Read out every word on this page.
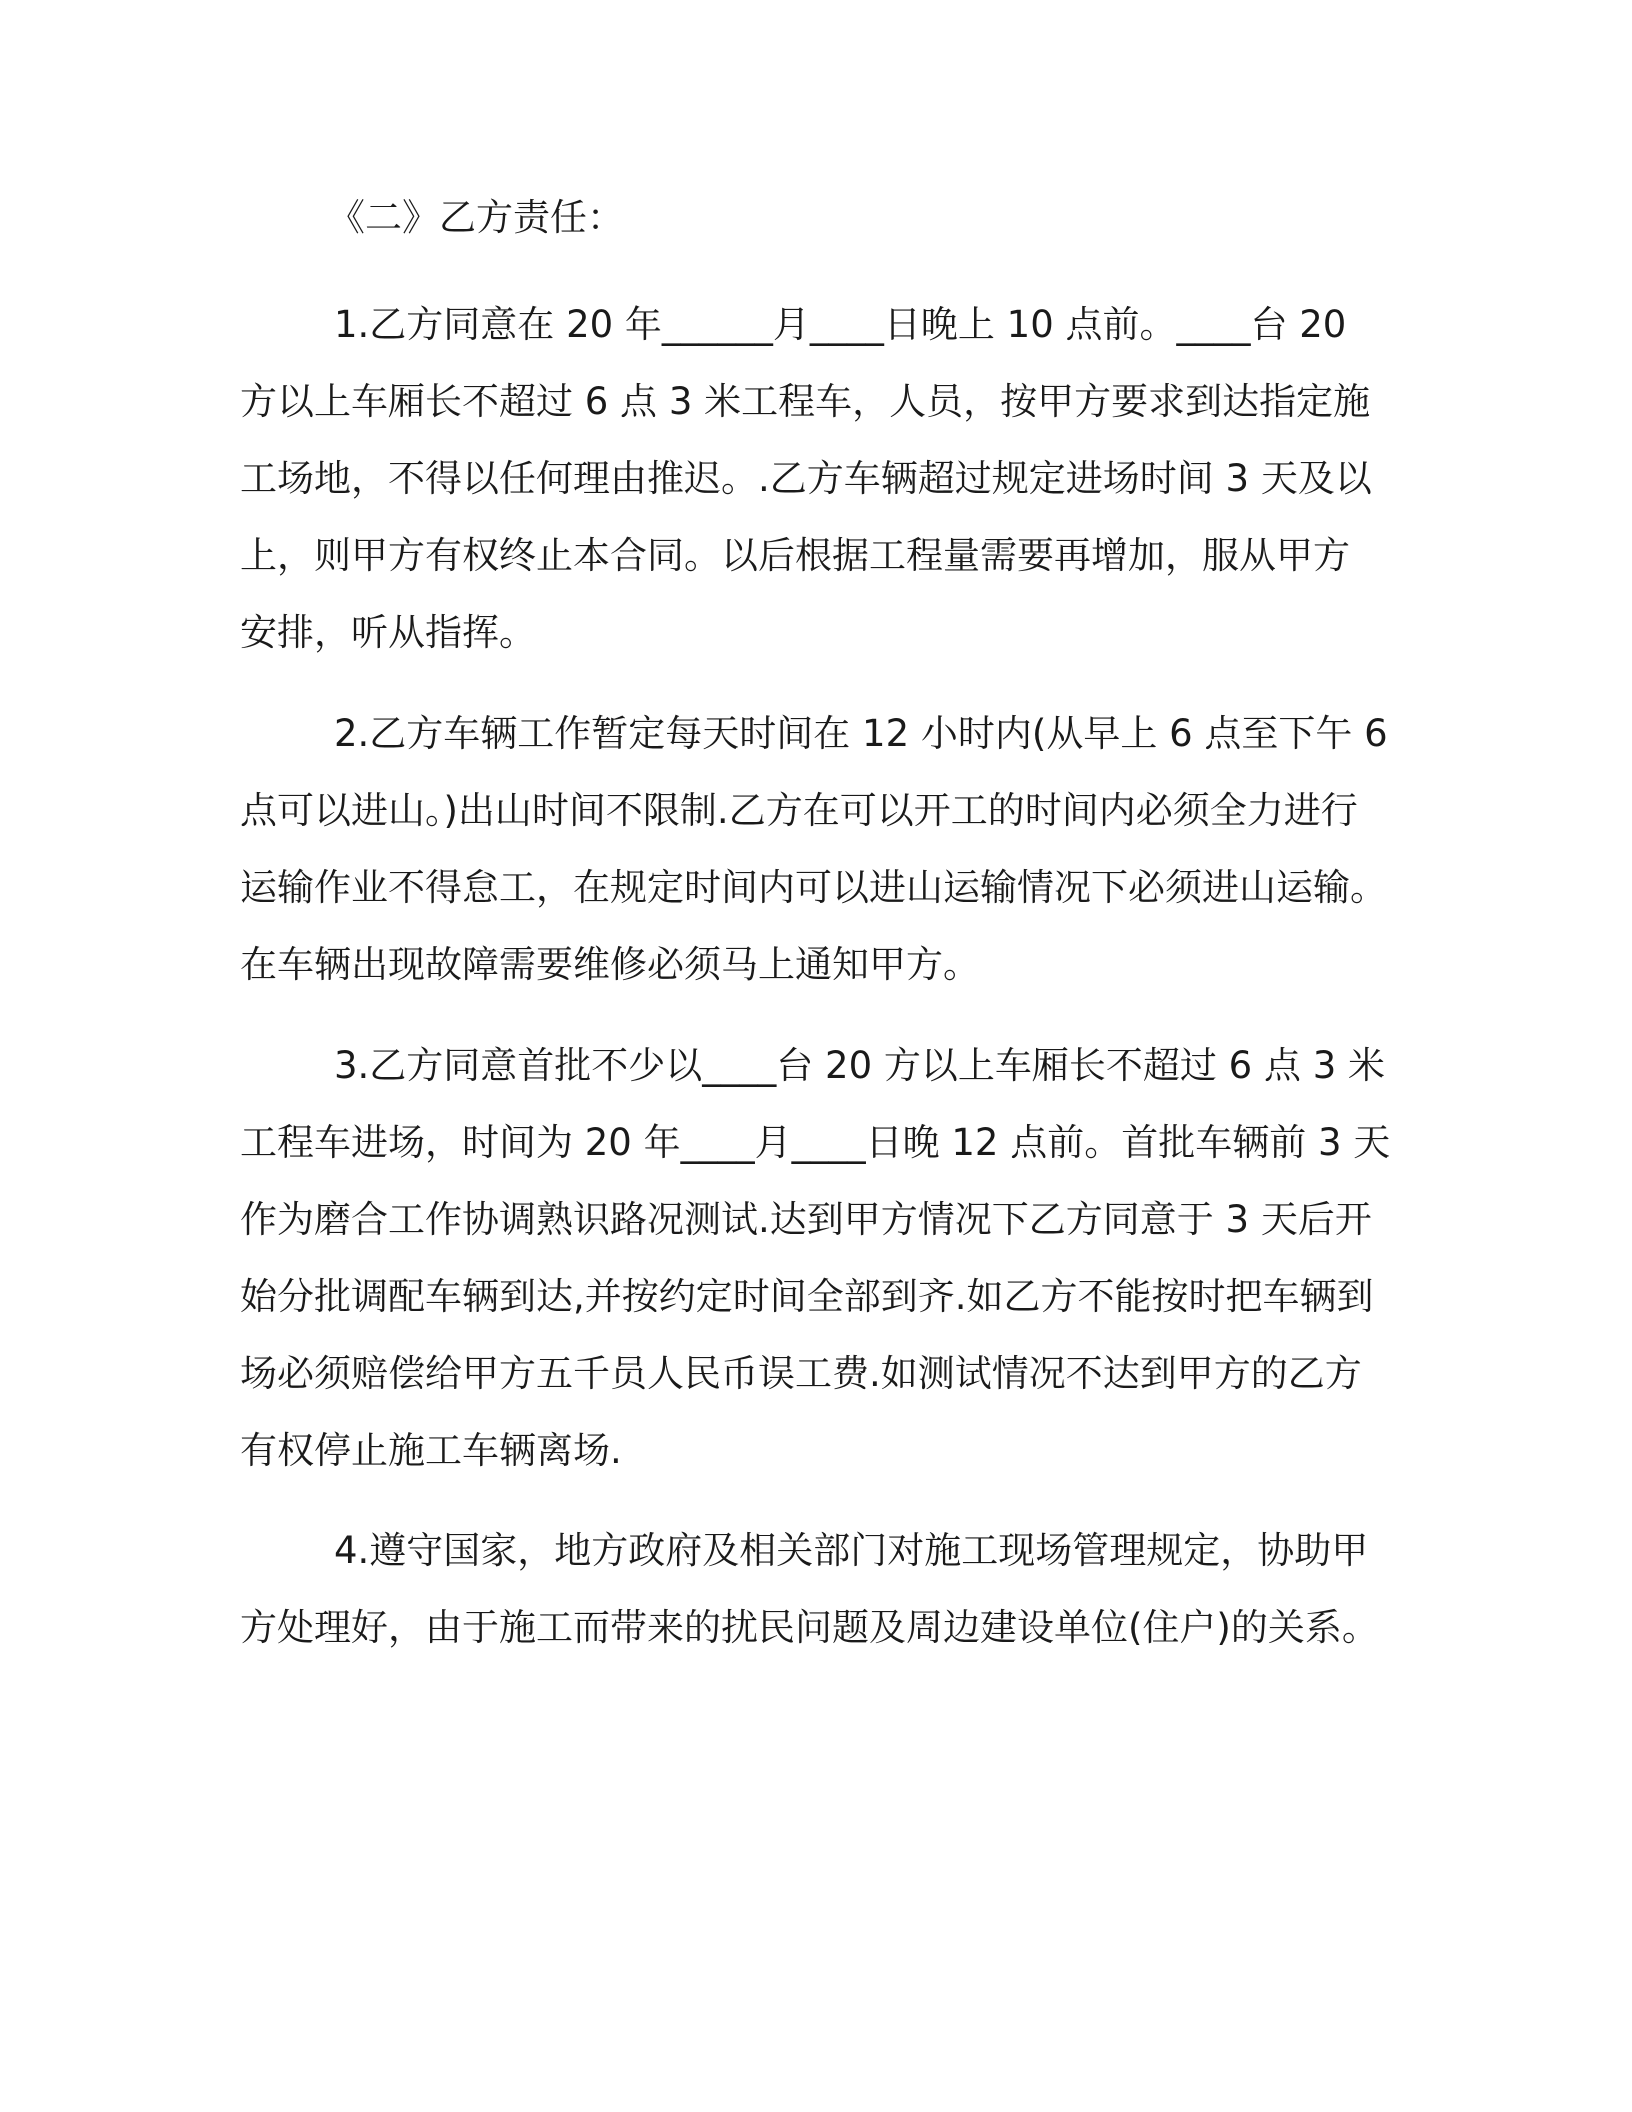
《二》乙方责任：
1.乙方同意在 20 年______月____日晚上 10 点前。____台 20
方以上车厢长不超过 6 点 3 米工程车，人员，按甲方要求到达指定施
工场地，不得以任何理由推迟。.乙方车辆超过规定进场时间 3 天及以
上，则甲方有权终止本合同。以后根据工程量需要再增加，服从甲方
安排，听从指挥。
2.乙方车辆工作暂定每天时间在 12 小时内(从早上 6 点至下午 6
点可以进山。)出山时间不限制.乙方在可以开工的时间内必须全力进行
运输作业不得怠工，在规定时间内可以进山运输情况下必须进山运输。
在车辆出现故障需要维修必须马上通知甲方。
3.乙方同意首批不少以____台 20 方以上车厢长不超过 6 点 3 米
工程车进场，时间为 20 年____月____日晚 12 点前。首批车辆前 3 天
作为磨合工作协调熟识路况测试.达到甲方情况下乙方同意于 3 天后开
始分批调配车辆到达,并按约定时间全部到齐.如乙方不能按时把车辆到
场必须赔偿给甲方五千员人民币误工费.如测试情况不达到甲方的乙方
有权停止施工车辆离场.
4.遵守国家，地方政府及相关部门对施工现场管理规定，协助甲
方处理好，由于施工而带来的扰民问题及周边建设单位(住户)的关系。
